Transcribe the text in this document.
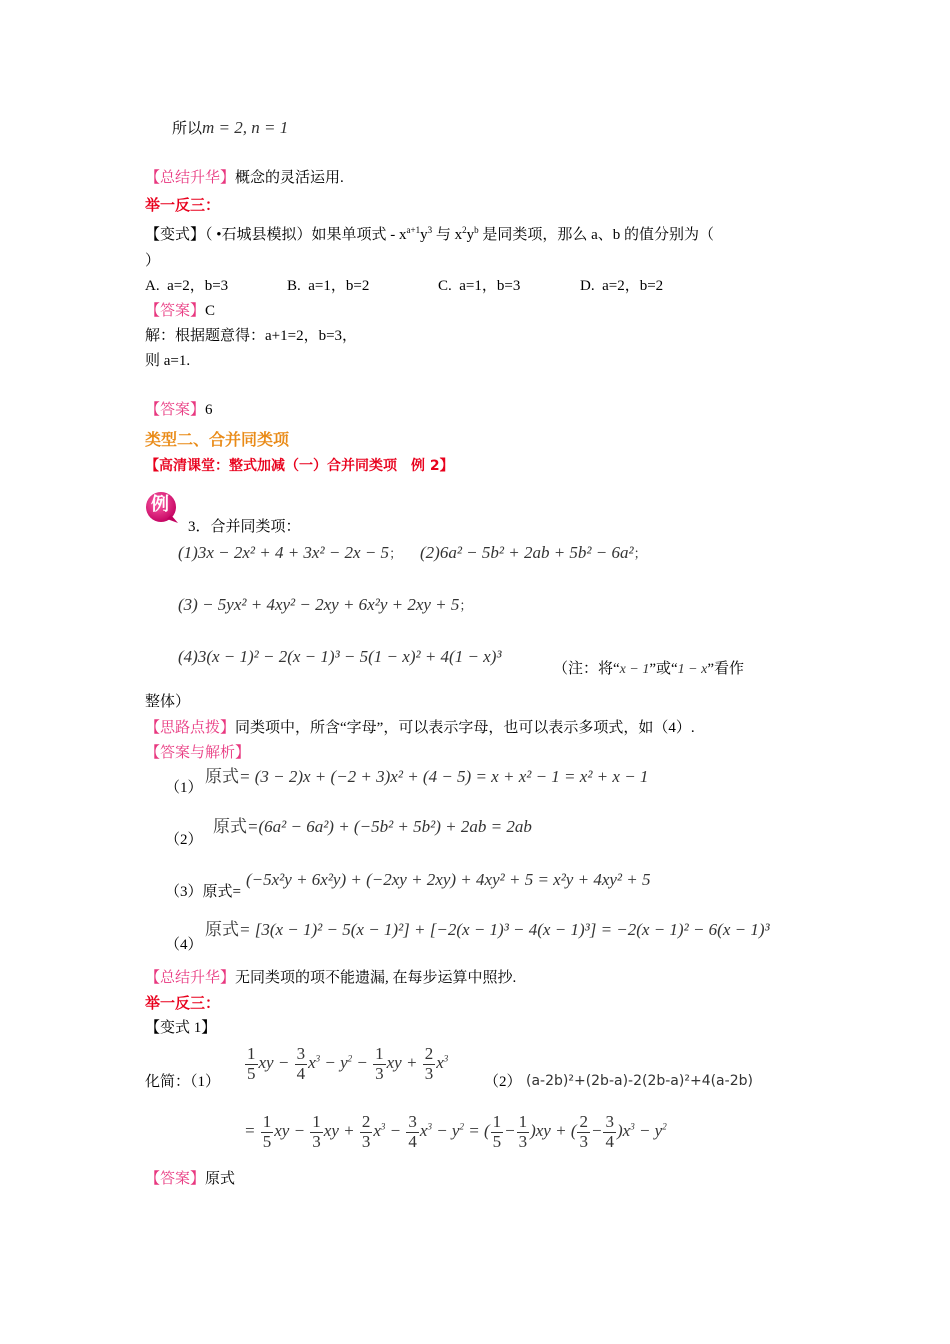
所以m = 2, n = 1
【总结升华】概念的灵活运用.
举一反三：
【变式】（ •石城县模拟）如果单项式 - $x^{a+1}y^3$ 与 $x^2y^b$ 是同类项，那么 a、b 的值分别为（
）
A. a=2，b=3	B. a=1，b=2	C. a=1，b=3	D. a=2，b=2
【答案】C
解：根据题意得：a+1=2，b=3，
则 a=1.
【答案】6
类型二、合并同类项
【高清课堂：整式加减（一）合并同类项　例 2】
例
3．合并同类项：
(1)3x − 2x² + 4 + 3x² − 2x − 5； (2)6a² − 5b² + 2ab + 5b² − 6a²；
(3) − 5yx² + 4xy² − 2xy + 6x²y + 2xy + 5；
(4)3(x − 1)² − 2(x − 1)³ − 5(1 − x)² + 4(1 − x)³
（注：将“x − 1”或“1 − x”看作
整体）
【思路点拨】同类项中，所含“字母”，可以表示字母，也可以表示多项式，如（4）.
【答案与解析】
（1）
原式= (3 − 2)x + (−2 + 3)x² + (4 − 5) = x + x² − 1 = x² + x − 1
（2）
原式=(6a² − 6a²) + (−5b² + 5b²) + 2ab = 2ab
（3）原式=
(−5x²y + 6x²y) + (−2xy + 2xy) + 4xy² + 5 = x²y + 4xy² + 5
（4）
原式= [3(x − 1)² − 5(x − 1)²] + [−2(x − 1)³ − 4(x − 1)³] = −2(x − 1)² − 6(x − 1)³
【总结升华】无同类项的项不能遗漏, 在每步运算中照抄.
举一反三：
【变式 1】
化简：$(1) \frac{1}{5}$ xy − $\frac{3}{4} x^3 - y^2 - \frac{1}{3}$ xy + $\frac{2}{3} x^3$
（2） (a-2b)²+(2b-a)-2(2b-a)²+4(a-2b)
= $\frac{1}{5}$ xy − $\frac{1}{3}$ xy + $\frac{2}{3} x^3 - \frac{3}{4} x^3 - y^2$ = ( $\frac{1}{5} - \frac{1}{3} )xy$ + ( $\frac{2}{3} - \frac{3}{4} )x^3 - y^2$
【答案】原式
